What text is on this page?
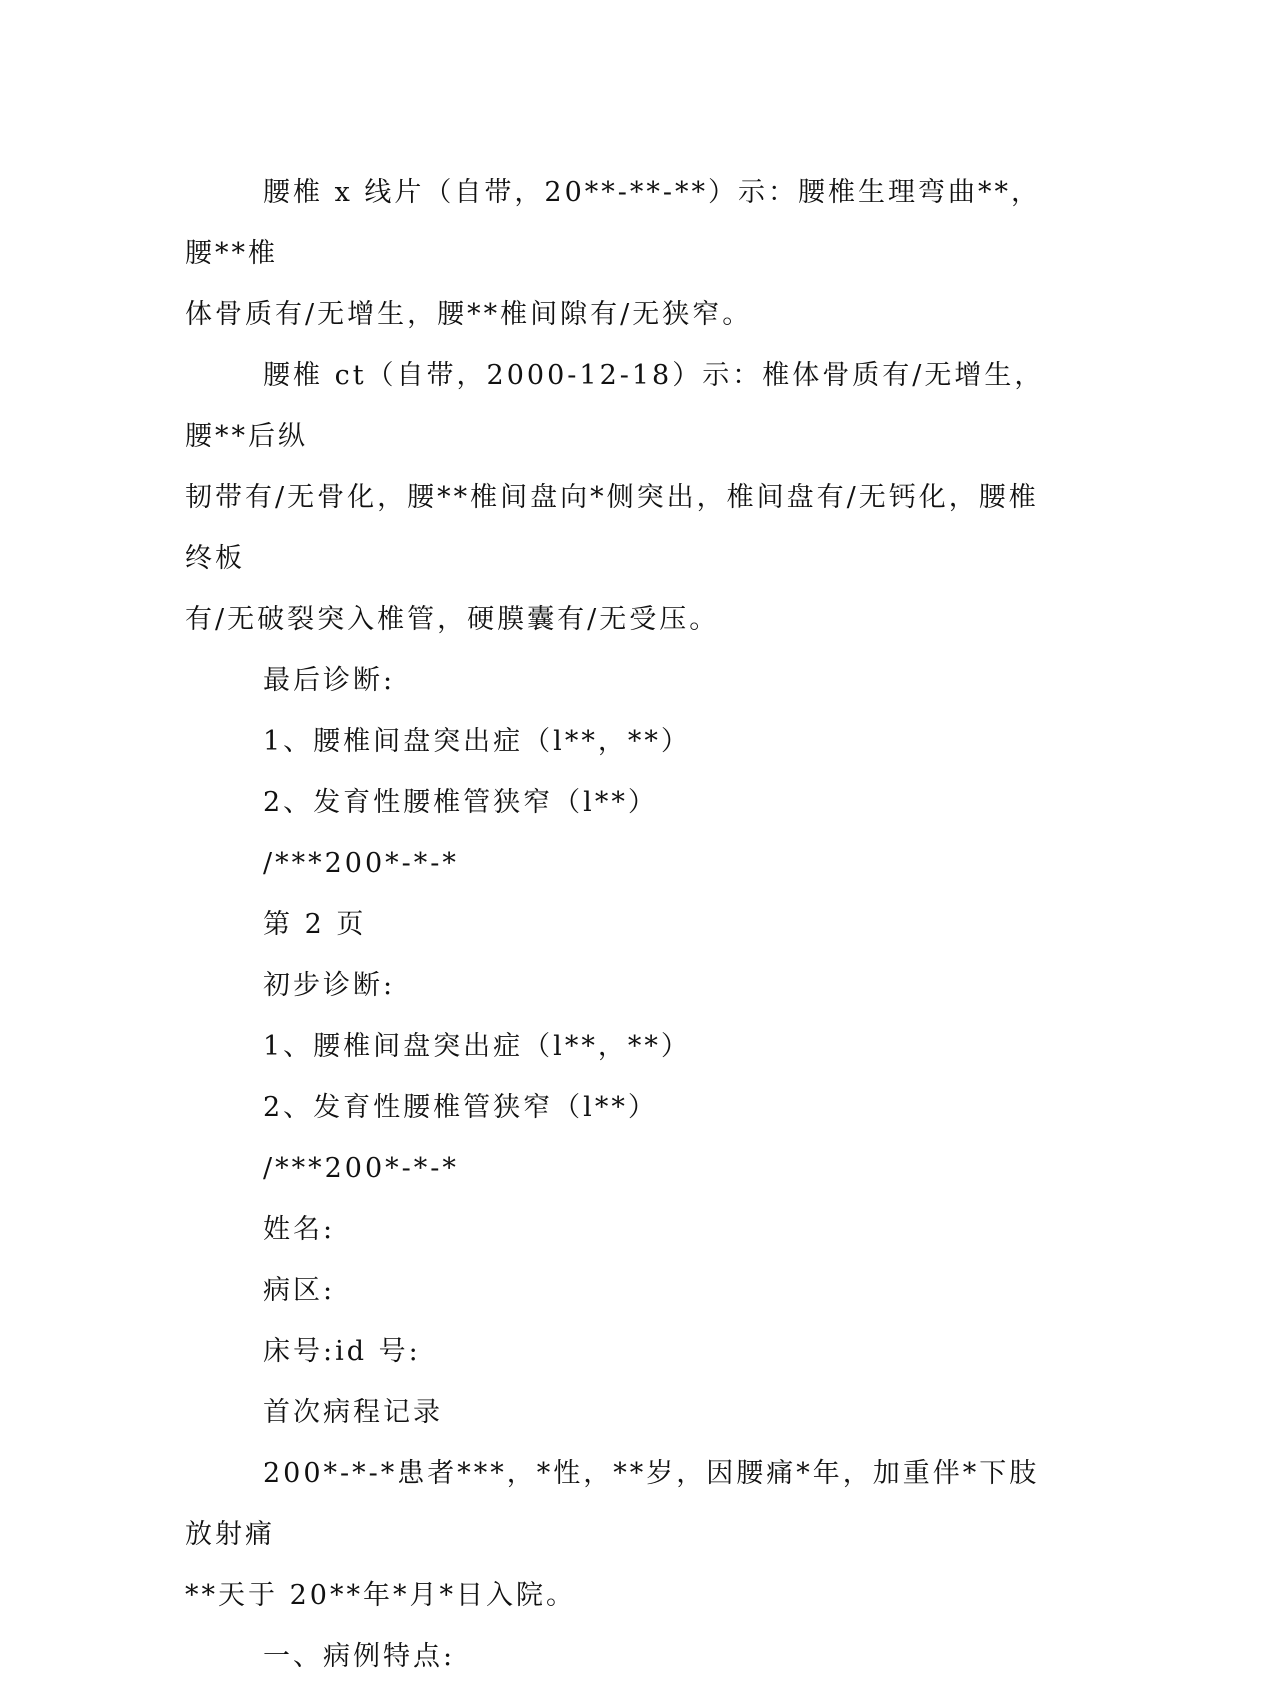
腰椎 x 线片（自带，20**-**-**）示：腰椎生理弯曲**，腰**椎

体骨质有/无增生，腰**椎间隙有/无狭窄。

腰椎 ct（自带，2000-12-18）示：椎体骨质有/无增生，腰**后纵

韧带有/无骨化，腰**椎间盘向*侧突出，椎间盘有/无钙化，腰椎终板
有/无破裂突入椎管，硬膜囊有/无受压。

最后诊断:

1、腰椎间盘突出症（l**，**）

2、发育性腰椎管狭窄（l**）

/***200*-*-*

第 2 页

初步诊断:

1、腰椎间盘突出症（l**，**）

2、发育性腰椎管狭窄（l**）

/***200*-*-*

姓名:

病区:

床号:id 号:

首次病程记录

200*-*-*患者***，*性，**岁，因腰痛*年，加重伴*下肢放射痛

**天于 20**年*月*日入院。

一、病例特点:
